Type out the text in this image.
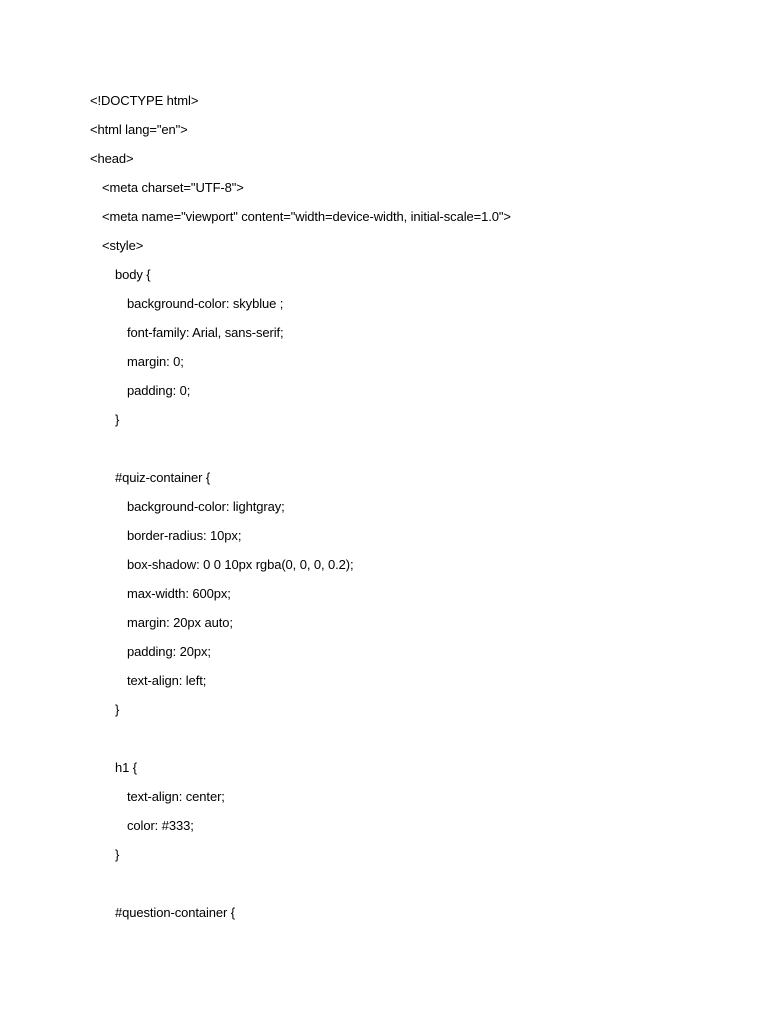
<!DOCTYPE html>
<html lang="en">
<head>
<meta charset="UTF-8">
<meta name="viewport" content="width=device-width, initial-scale=1.0">
<style>
body {
background-color: skyblue ;
font-family: Arial, sans-serif;
margin: 0;
padding: 0;
}
#quiz-container {
background-color: lightgray;
border-radius: 10px;
box-shadow: 0 0 10px rgba(0, 0, 0, 0.2);
max-width: 600px;
margin: 20px auto;
padding: 20px;
text-align: left;
}
h1 {
text-align: center;
color: #333;
}
#question-container {
